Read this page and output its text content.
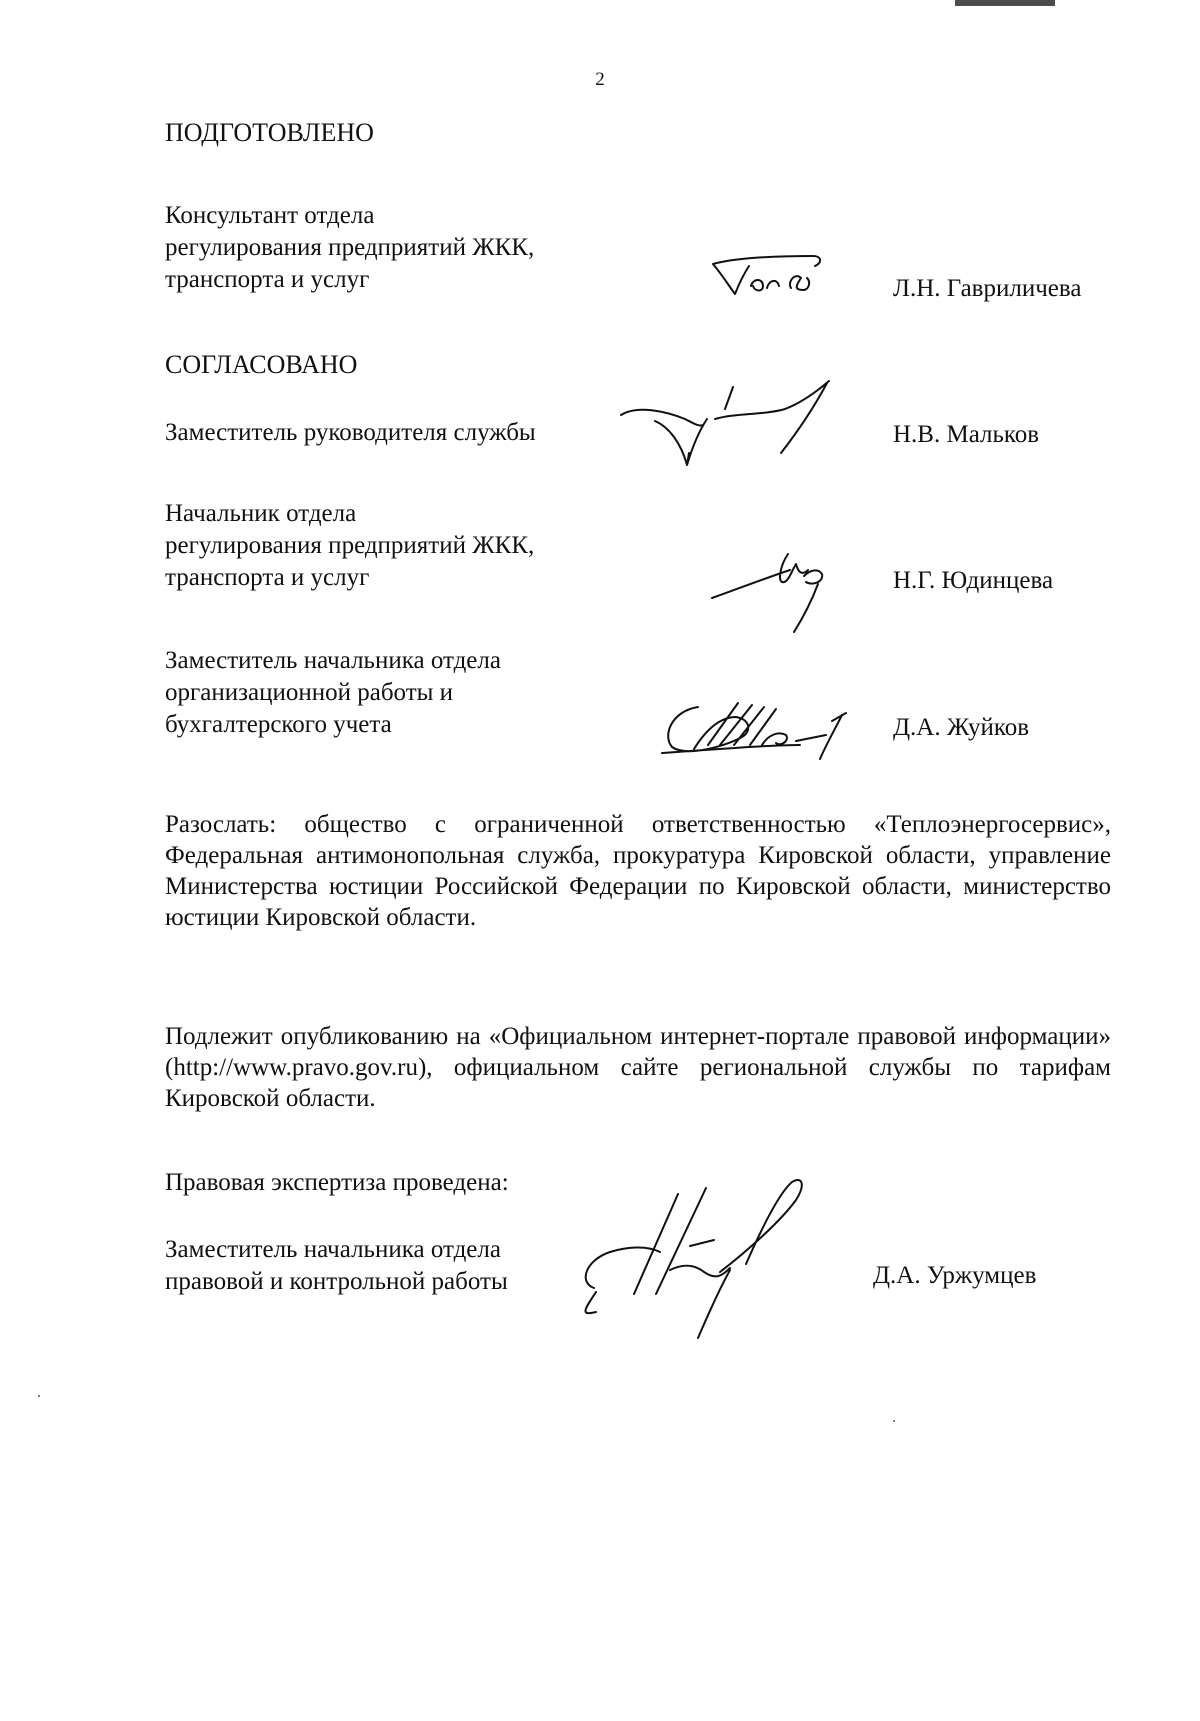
2
ПОДГОТОВЛЕНО
Консультант отдела
регулирования предприятий ЖКК,
транспорта и услуг	Л.Н. Гавриличева
СОГЛАСОВАНО
Заместитель руководителя службы	Н.В. Мальков
Начальник отдела
регулирования предприятий ЖКК,
транспорта и услуг	Н.Г. Юдинцева
Заместитель начальника отдела
организационной работы и
бухгалтерского учета	Д.А. Жуйков
Разослать: общество с ограниченной ответственностью «Теплоэнергосервис», Федеральная антимонопольная служба, прокуратура Кировской области, управление Министерства юстиции Российской Федерации по Кировской области, министерство юстиции Кировской области.
Подлежит опубликованию на «Официальном интернет-портале правовой информации» (http://www.pravo.gov.ru), официальном сайте региональной службы по тарифам Кировской области.
Правовая экспертиза проведена:
Заместитель начальника отдела
правовой и контрольной работы	Д.А. Уржумцев
